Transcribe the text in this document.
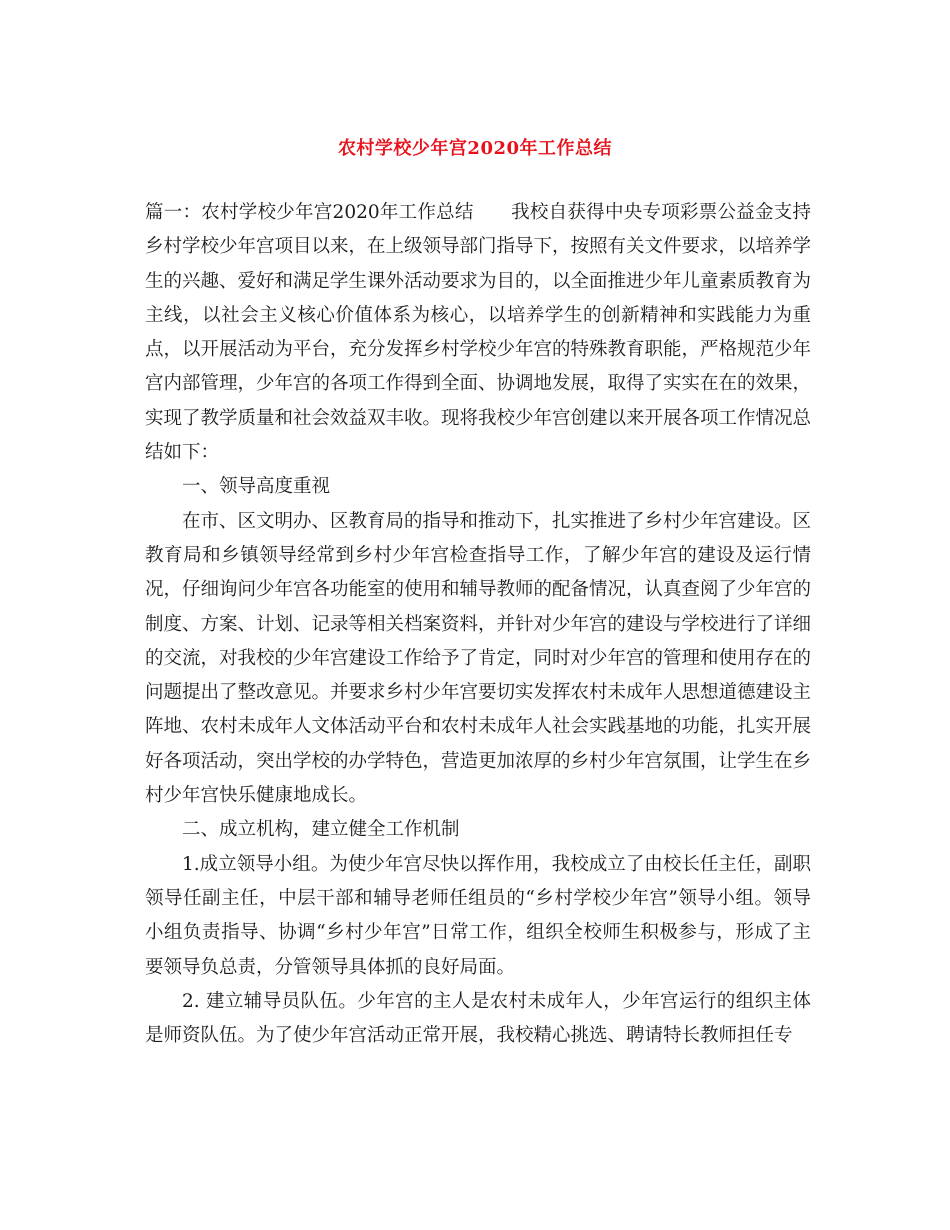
农村学校少年宫2020年工作总结

篇一：农村学校少年宫2020年工作总结　　我校自获得中央专项彩票公益金支持乡村学校少年宫项目以来，在上级领导部门指导下，按照有关文件要求，以培养学生的兴趣、爱好和满足学生课外活动要求为目的，以全面推进少年儿童素质教育为主线，以社会主义核心价值体系为核心，以培养学生的创新精神和实践能力为重点，以开展活动为平台，充分发挥乡村学校少年宫的特殊教育职能，严格规范少年宫内部管理，少年宫的各项工作得到全面、协调地发展，取得了实实在在的效果，实现了教学质量和社会效益双丰收。现将我校少年宫创建以来开展各项工作情况总结如下：

一、领导高度重视

在市、区文明办、区教育局的指导和推动下，扎实推进了乡村少年宫建设。区教育局和乡镇领导经常到乡村少年宫检查指导工作，了解少年宫的建设及运行情况，仔细询问少年宫各功能室的使用和辅导教师的配备情况，认真查阅了少年宫的制度、方案、计划、记录等相关档案资料，并针对少年宫的建设与学校进行了详细的交流，对我校的少年宫建设工作给予了肯定，同时对少年宫的管理和使用存在的问题提出了整改意见。并要求乡村少年宫要切实发挥农村未成年人思想道德建设主阵地、农村未成年人文体活动平台和农村未成年人社会实践基地的功能，扎实开展好各项活动，突出学校的办学特色，营造更加浓厚的乡村少年宫氛围，让学生在乡村少年宫快乐健康地成长。

二、成立机构，建立健全工作机制

1.成立领导小组。为使少年宫尽快以挥作用，我校成立了由校长任主任，副职领导任副主任，中层干部和辅导老师任组员的“乡村学校少年宫”领导小组。领导小组负责指导、协调“乡村少年宫”日常工作，组织全校师生积极参与，形成了主要领导负总责，分管领导具体抓的良好局面。

2. 建立辅导员队伍。少年宫的主人是农村未成年人，少年宫运行的组织主体是师资队伍。为了使少年宫活动正常开展，我校精心挑选、聘请特长教师担任专
